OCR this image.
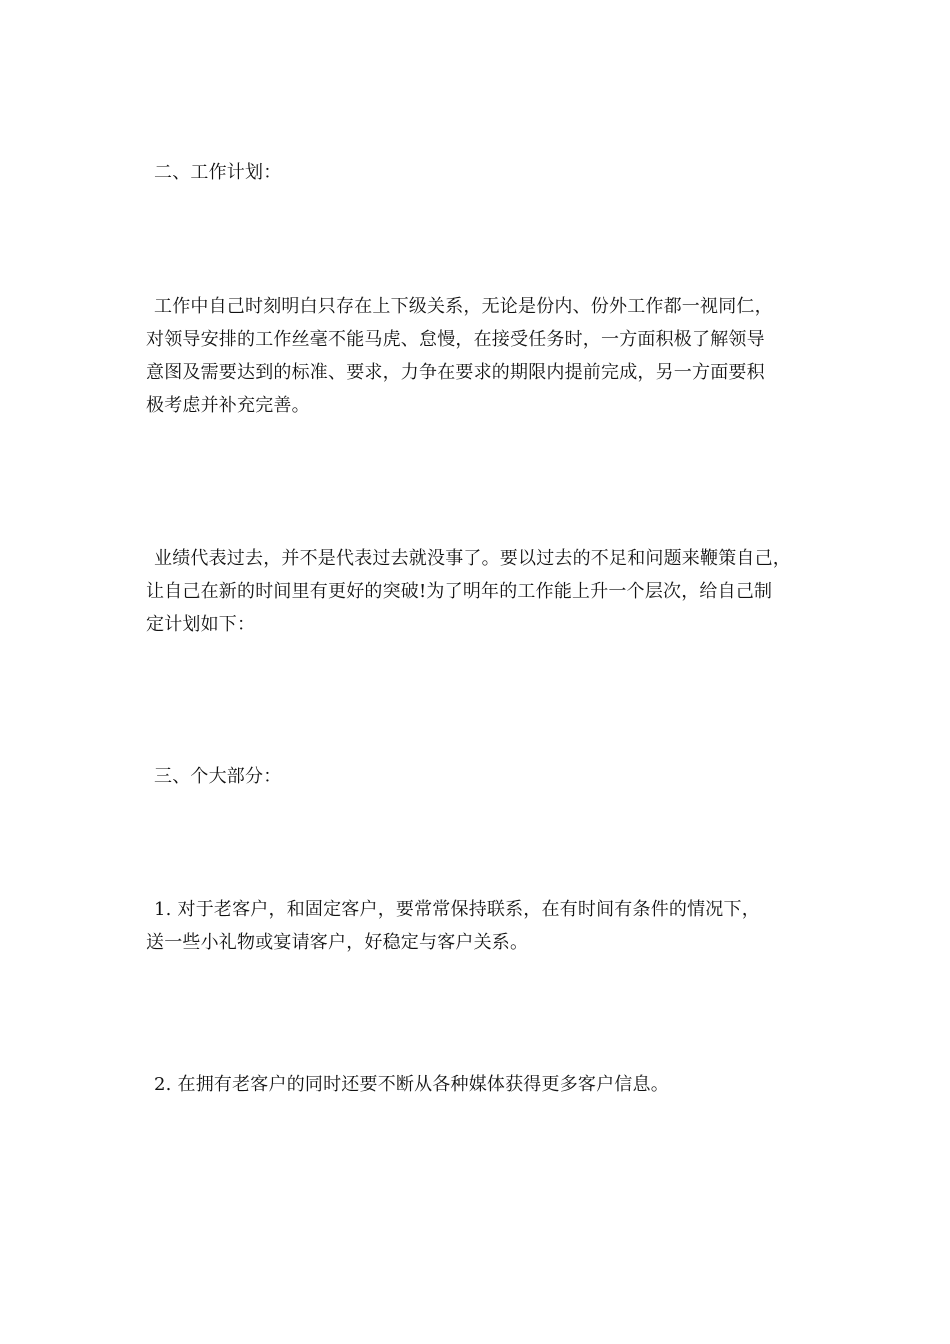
二、工作计划：
工作中自己时刻明白只存在上下级关系，无论是份内、份外工作都一视同仁，
对领导安排的工作丝毫不能马虎、怠慢，在接受任务时，一方面积极了解领导
意图及需要达到的标准、要求，力争在要求的期限内提前完成，另一方面要积
极考虑并补充完善。
业绩代表过去，并不是代表过去就没事了。要以过去的不足和问题来鞭策自己，
让自己在新的时间里有更好的突破!为了明年的工作能上升一个层次，给自己制
定计划如下：
三、个大部分：
1. 对于老客户，和固定客户，要常常保持联系，在有时间有条件的情况下，
送一些小礼物或宴请客户，好稳定与客户关系。
2. 在拥有老客户的同时还要不断从各种媒体获得更多客户信息。
